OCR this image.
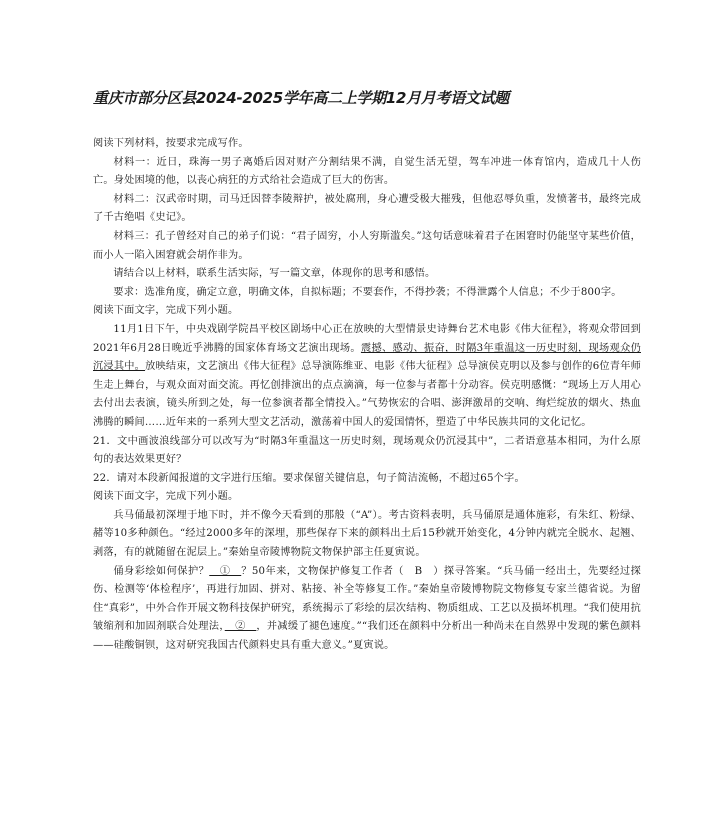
重庆市部分区县2024-2025学年高二上学期12月月考语文试题

阅读下列材料，按要求完成写作。

材料一：近日，珠海一男子离婚后因对财产分割结果不满，自觉生活无望，驾车冲进一体育馆内，造成几十人伤亡。身处困境的他，以丧心病狂的方式给社会造成了巨大的伤害。

材料二：汉武帝时期，司马迁因替李陵辩护，被处腐刑，身心遭受极大摧残，但他忍辱负重，发愤著书，最终完成了千古绝唱《史记》。

材料三：孔子曾经对自己的弟子们说：“君子固穷，小人穷斯滥矣。”这句话意味着君子在困窘时仍能坚守某些价值，而小人一陷入困窘就会胡作非为。

请结合以上材料，联系生活实际，写一篇文章，体现你的思考和感悟。

要求：选准角度，确定立意，明确文体，自拟标题；不要套作，不得抄袭；不得泄露个人信息；不少于800字。

阅读下面文字，完成下列小题。

11月1日下午，中央戏剧学院昌平校区剧场中心正在放映的大型情景史诗舞台艺术电影《伟大征程》，将观众带回到2021年6月28日晚近乎沸腾的国家体育场文艺演出现场。震撼、感动、振奋，时隔3年重温这一历史时刻，现场观众仍沉浸其中。放映结束，文艺演出《伟大征程》总导演陈维亚、电影《伟大征程》总导演侯克明以及参与创作的6位青年师生走上舞台，与观众面对面交流。再忆创排演出的点点滴滴，每一位参与者都十分动容。侯克明感慨：“现场上万人用心去付出去表演，镜头所到之处，每一位参演者都全情投入。”气势恢宏的合唱、澎湃激昂的交响、绚烂绽放的烟火、热血沸腾的瞬间……近年来的一系列大型文艺活动，激荡着中国人的爱国情怀，塑造了中华民族共同的文化记忆。

21．文中画波浪线部分可以改写为“时隔3年重温这一历史时刻，现场观众仍沉浸其中”，二者语意基本相同，为什么原句的表达效果更好？

22．请对本段新闻报道的文字进行压缩。要求保留关键信息，句子简洁流畅，不超过65个字。

阅读下面文字，完成下列小题。

兵马俑最初深埋于地下时，并不像今天看到的那般（“A”）。考古资料表明，兵马俑原是通体施彩，有朱红、粉绿、赭等10多种颜色。“经过2000多年的深埋，那些保存下来的颜料出土后15秒就开始变化，4分钟内就完全脱水、起翘、剥落，有的就随留在泥层上。”秦始皇帝陵博物院文物保护部主任夏寅说。

俑身彩绘如何保护？　①　？50年来，文物保护修复工作者（　B　）探寻答案。“兵马俑一经出土，先要经过探伤、检测等‘体检程序’，再进行加固、拼对、粘接、补全等修复工作。”秦始皇帝陵博物院文物修复专家兰德省说。为留住“真彩”，中外合作开展文物科技保护研究，系统揭示了彩绘的层次结构、物质组成、工艺以及损坏机理。“我们使用抗皱缩剂和加固剂联合处理法，　②　，并减缓了褪色速度。”“我们还在颜料中分析出一种尚未在自然界中发现的紫色颜料——硅酸铜钡，这对研究我国古代颜料史具有重大意义。”夏寅说。
